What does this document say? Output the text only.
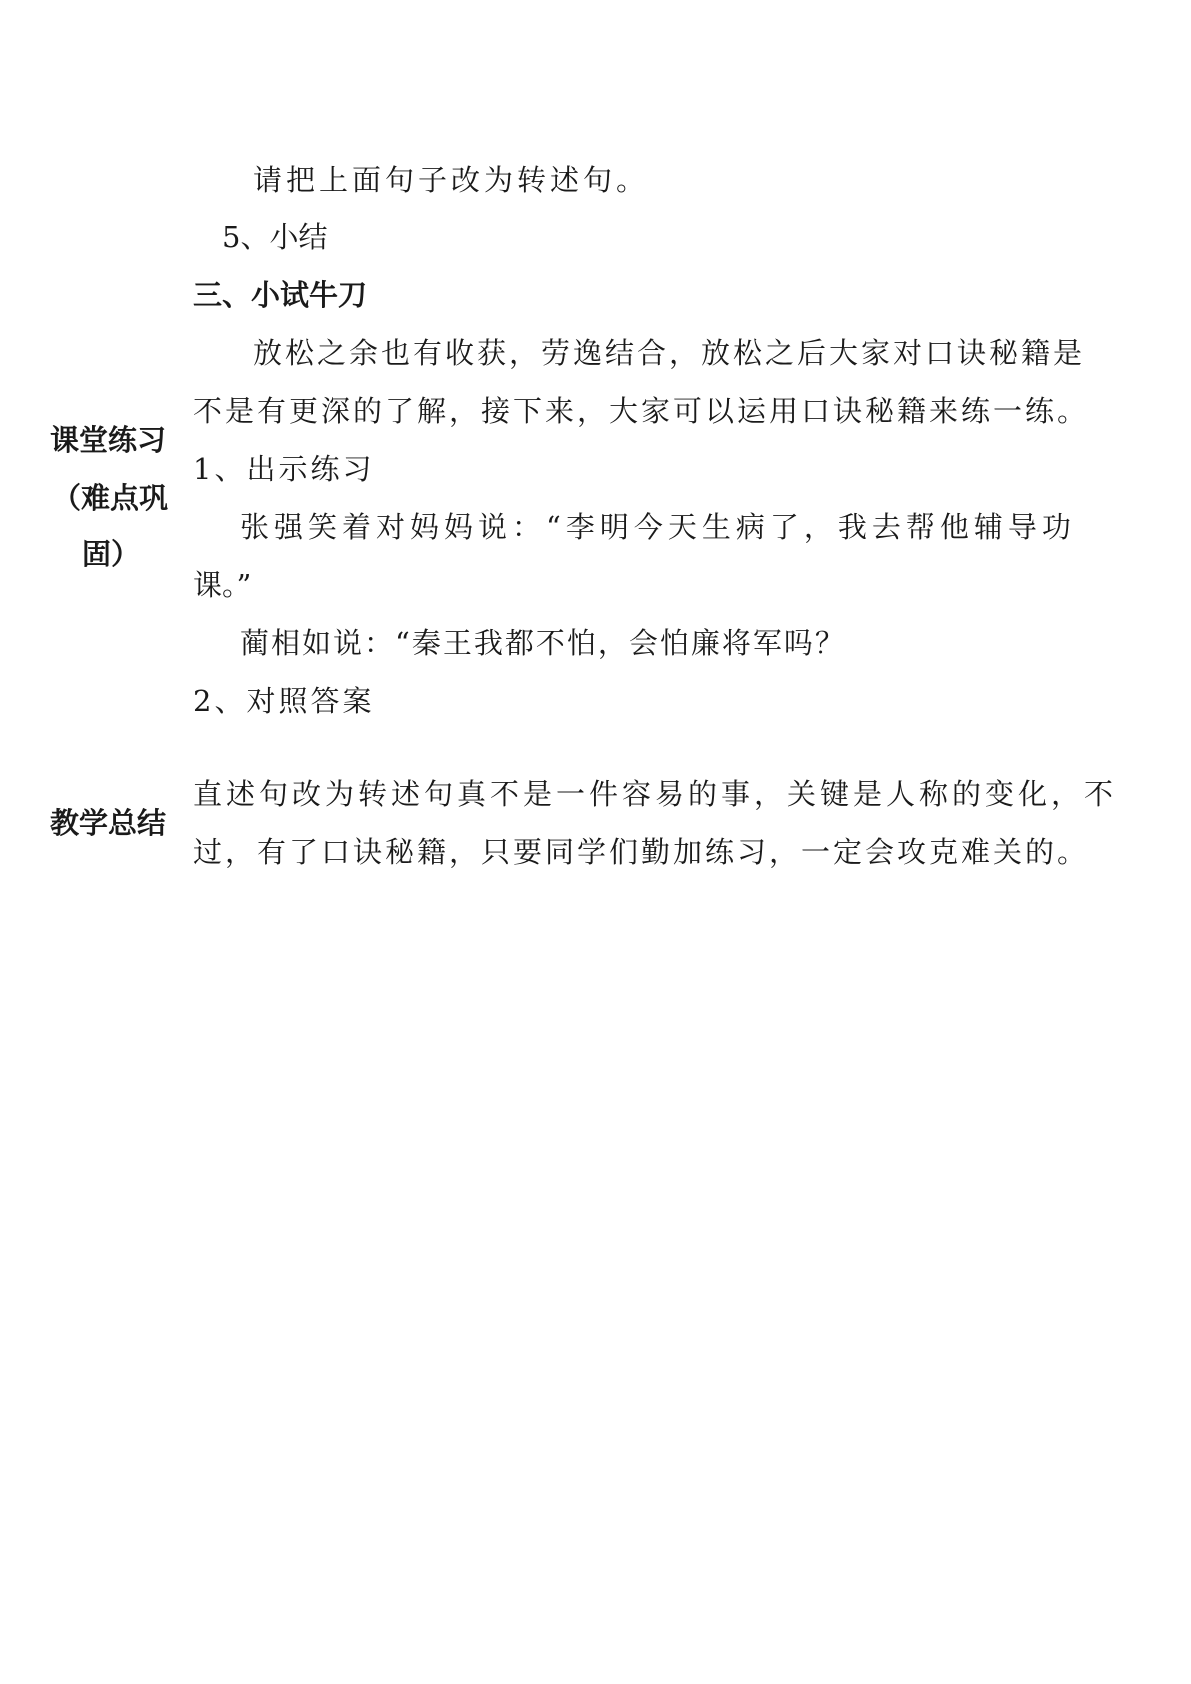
请把上面句子改为转述句。
5、小结
三、小试牛刀
放松之余也有收获，劳逸结合，放松之后大家对口诀秘籍是
不是有更深的了解，接下来，大家可以运用口诀秘籍来练一练。
1、出示练习
张强笑着对妈妈说：“李明今天生病了，我去帮他辅导功
课。”
蔺相如说：“秦王我都不怕，会怕廉将军吗？
2、对照答案
课堂练习
（难点巩
固）
教学总结
直述句改为转述句真不是一件容易的事，关键是人称的变化，不
过，有了口诀秘籍，只要同学们勤加练习，一定会攻克难关的。
